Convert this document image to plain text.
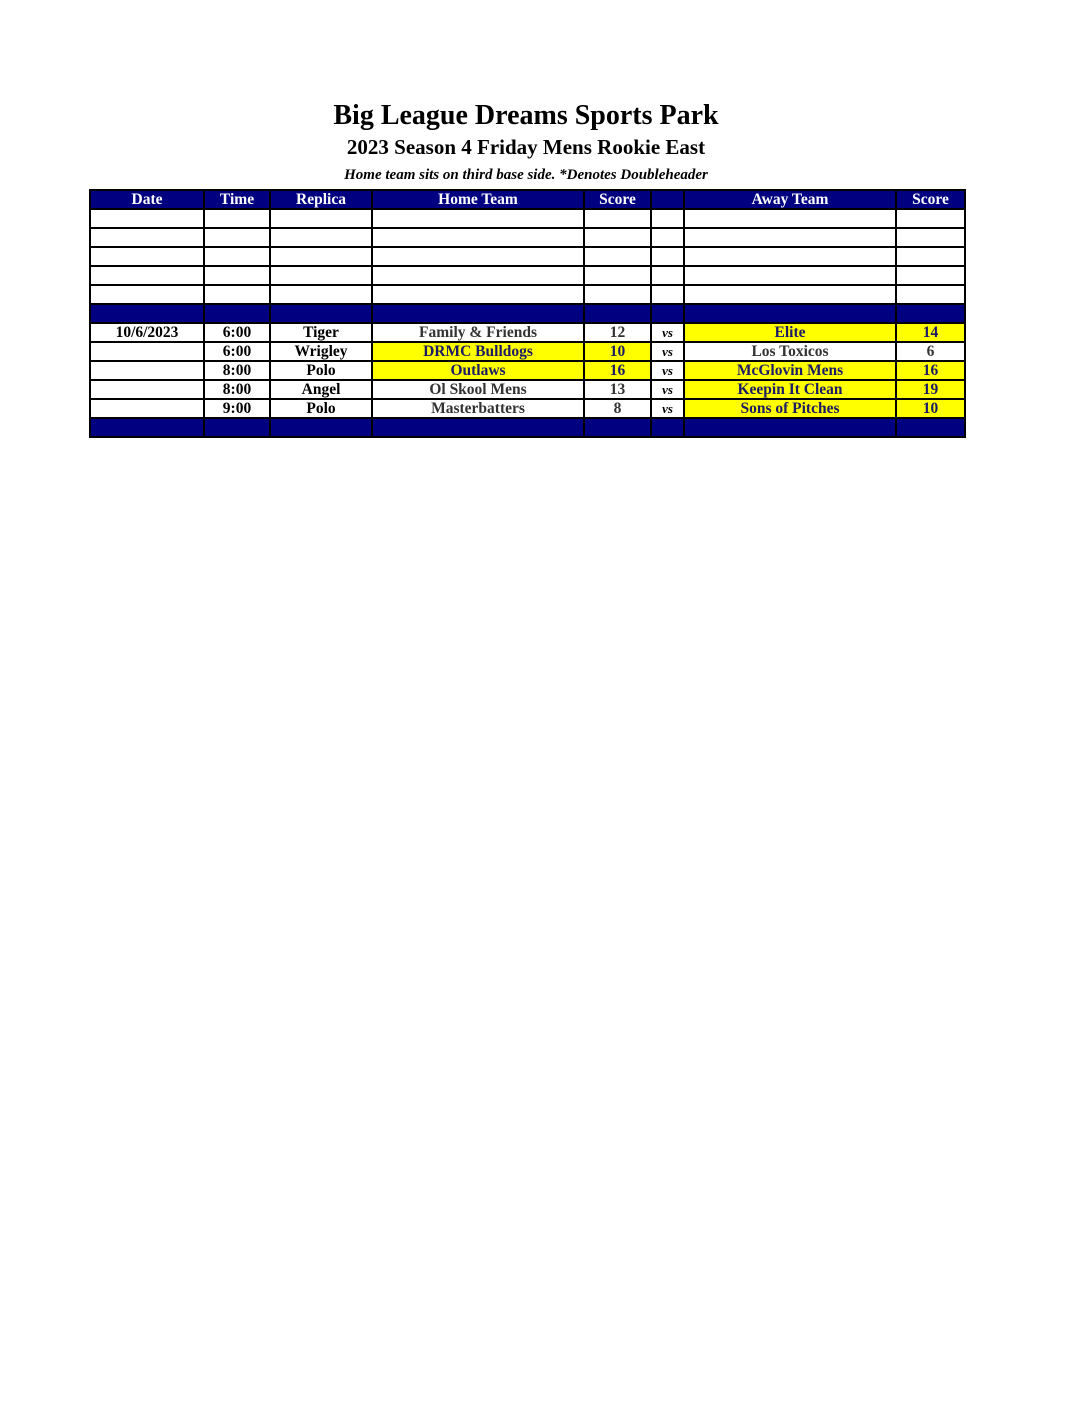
Big League Dreams Sports Park
2023 Season 4 Friday Mens Rookie East
Home team sits on third base side. *Denotes Doubleheader
Date	Time	Replica	Home Team	Score		Away Team	Score

10/6/2023	6:00	Tiger	Family & Friends	12	vs	Elite	14
	6:00	Wrigley	DRMC Bulldogs	10	vs	Los Toxicos	6
	8:00	Polo	Outlaws	16	vs	McGlovin Mens	16
	8:00	Angel	Ol Skool Mens	13	vs	Keepin It Clean	19
	9:00	Polo	Masterbatters	8	vs	Sons of Pitches	10
